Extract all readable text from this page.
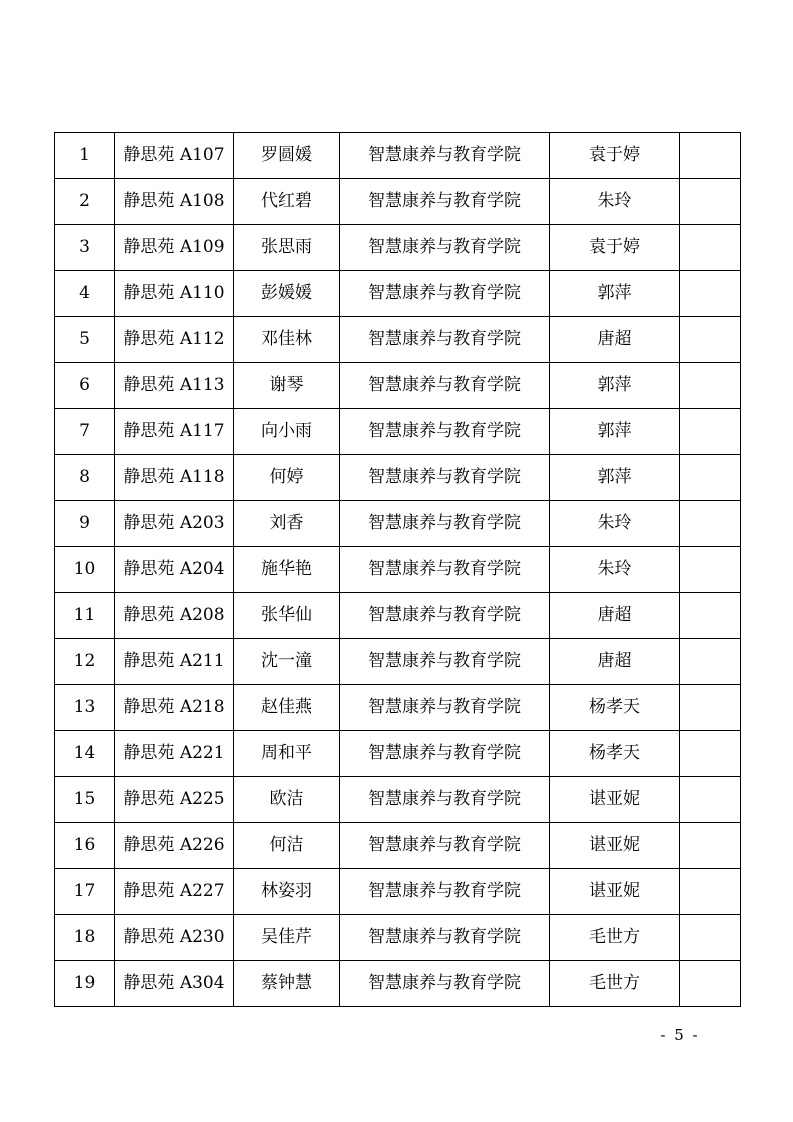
1	静思苑 A107	罗圆媛	智慧康养与教育学院	袁于婷	
2	静思苑 A108	代红碧	智慧康养与教育学院	朱玲	
3	静思苑 A109	张思雨	智慧康养与教育学院	袁于婷	
4	静思苑 A110	彭媛媛	智慧康养与教育学院	郭萍	
5	静思苑 A112	邓佳林	智慧康养与教育学院	唐超	
6	静思苑 A113	谢琴	智慧康养与教育学院	郭萍	
7	静思苑 A117	向小雨	智慧康养与教育学院	郭萍	
8	静思苑 A118	何婷	智慧康养与教育学院	郭萍	
9	静思苑 A203	刘香	智慧康养与教育学院	朱玲	
10	静思苑 A204	施华艳	智慧康养与教育学院	朱玲	
11	静思苑 A208	张华仙	智慧康养与教育学院	唐超	
12	静思苑 A211	沈一潼	智慧康养与教育学院	唐超	
13	静思苑 A218	赵佳燕	智慧康养与教育学院	杨孝天	
14	静思苑 A221	周和平	智慧康养与教育学院	杨孝天	
15	静思苑 A225	欧洁	智慧康养与教育学院	谌亚妮	
16	静思苑 A226	何洁	智慧康养与教育学院	谌亚妮	
17	静思苑 A227	林姿羽	智慧康养与教育学院	谌亚妮	
18	静思苑 A230	吴佳芹	智慧康养与教育学院	毛世方	
19	静思苑 A304	蔡钟慧	智慧康养与教育学院	毛世方	
- 5 -
